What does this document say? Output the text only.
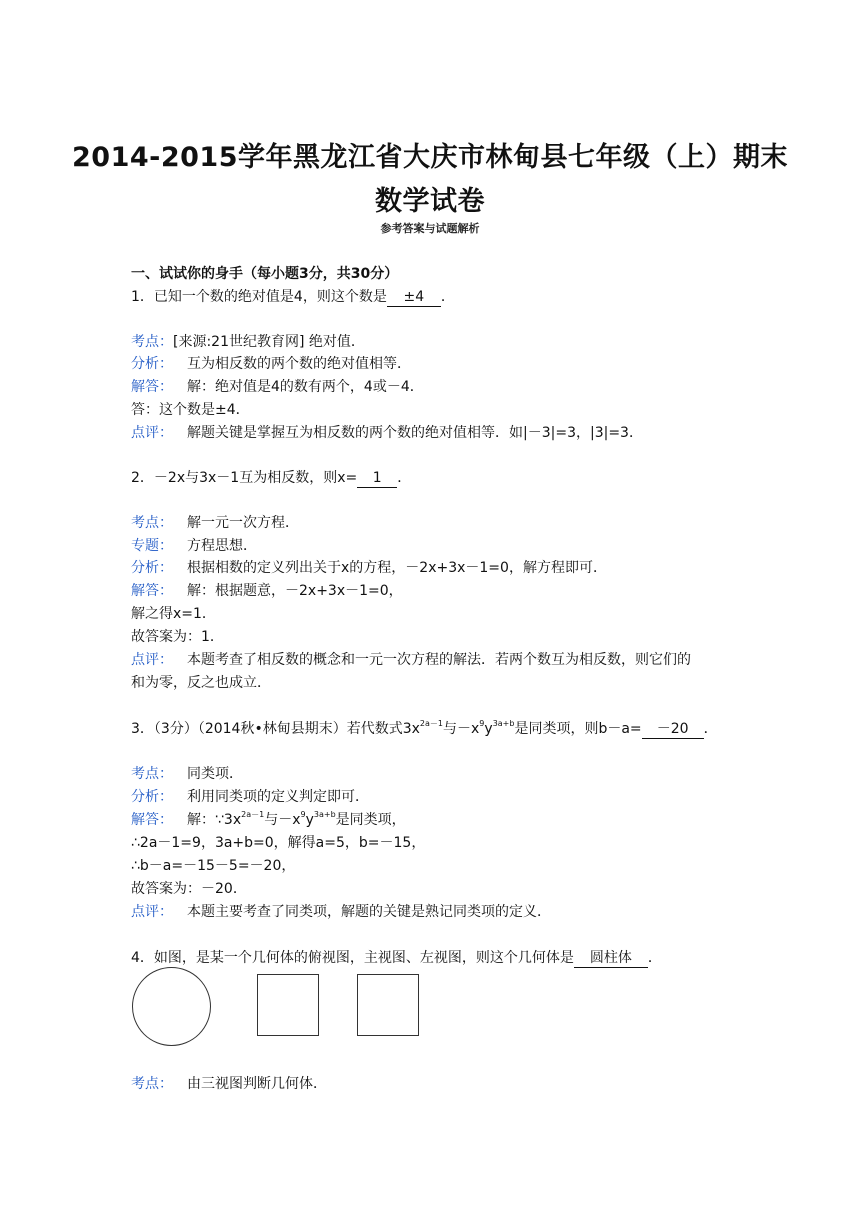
2014-2015学年黑龙江省大庆市林甸县七年级（上）期末
数学试卷
参考答案与试题解析
一、试试你的身手（每小题3分，共30分）
1．已知一个数的绝对值是4，则这个数是 ±4 ．
考点：[来源:21世纪教育网] 绝对值．
分析： 互为相反数的两个数的绝对值相等．
解答： 解：绝对值是4的数有两个，4或－4．
答：这个数是±4．
点评： 解题关键是掌握互为相反数的两个数的绝对值相等．如|－3|=3，|3|=3．
2．－2x与3x－1互为相反数，则x= 1 ．
考点： 解一元一次方程．
专题： 方程思想．
分析： 根据相数的定义列出关于x的方程，－2x+3x－1=0，解方程即可．
解答： 解：根据题意，－2x+3x－1=0，
解之得x=1．
故答案为：1．
点评： 本题考查了相反数的概念和一元一次方程的解法．若两个数互为相反数，则它们的
和为零，反之也成立．
3．（3分）（2014秋•林甸县期末）若代数式$3x^{2a-1}$与$-x^9y^{3a+b}$是同类项，则b－a= －20 ．
考点： 同类项．
分析： 利用同类项的定义判定即可．
解答： 解：$\because 3x^{2a-1}$与$-x^9y^{3a+b}$是同类项，
∴2a－1=9，3a+b=0，解得a=5，b=－15，
∴b－a=－15－5=－20，
故答案为：－20．
点评： 本题主要考查了同类项，解题的关键是熟记同类项的定义．
4．如图，是某一个几何体的俯视图，主视图、左视图，则这个几何体是 圆柱体 ．
考点： 由三视图判断几何体．
